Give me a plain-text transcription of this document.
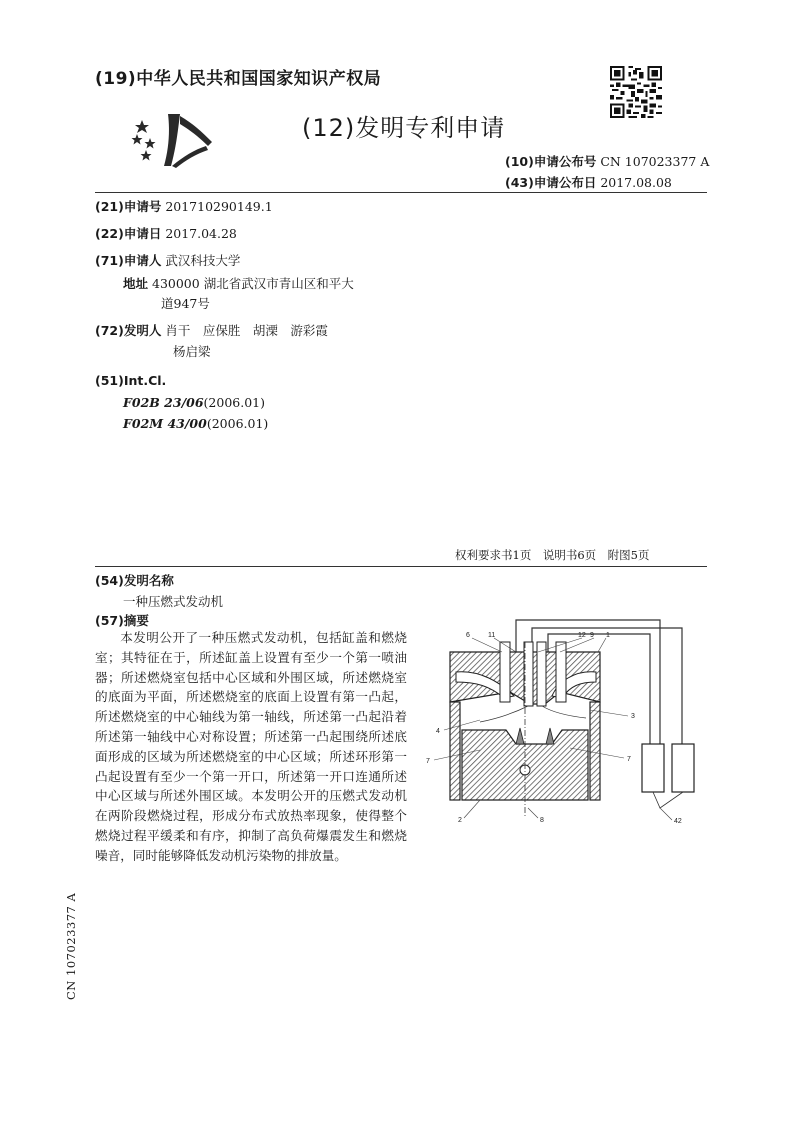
(19)中华人民共和国国家知识产权局
(12)发明专利申请
(10)申请公布号 CN 107023377 A
(43)申请公布日 2017.08.08
(21)申请号 201710290149.1
(22)申请日 2017.04.28
(71)申请人 武汉科技大学
地址 430000 湖北省武汉市青山区和平大
道947号
(72)发明人 肖干　应保胜　胡溧　游彩霞
杨启梁
(51)Int.Cl.
F02B 23/06(2006.01)
F02M 43/00(2006.01)
权利要求书1页　说明书6页　附图5页
(54)发明名称
一种压燃式发动机
(57)摘要

本发明公开了一种压燃式发动机，包括缸盖和燃烧室；其特征在于，所述缸盖上设置有至少一个第一喷油器；所述燃烧室包括中心区域和外围区域，所述燃烧室的底面为平面，所述燃烧室的底面上设置有第一凸起，所述燃烧室的中心轴线为第一轴线，所述第一凸起沿着所述第一轴线中心对称设置；所述第一凸起围绕所述底面形成的区域为所述燃烧室的中心区域；所述环形第一凸起设置有至少一个第一开口，所述第一开口连通所述中心区域与所述外围区域。本发明公开的压燃式发动机在两阶段燃烧过程，形成分布式放热率现象，使得整个燃烧过程平缓柔和有序，抑制了高负荷爆震发生和燃烧噪音，同时能够降低发动机污染物的排放量。

6	11	12 9 1
3
4
7	7
2	8	42
CN 107023377 A
